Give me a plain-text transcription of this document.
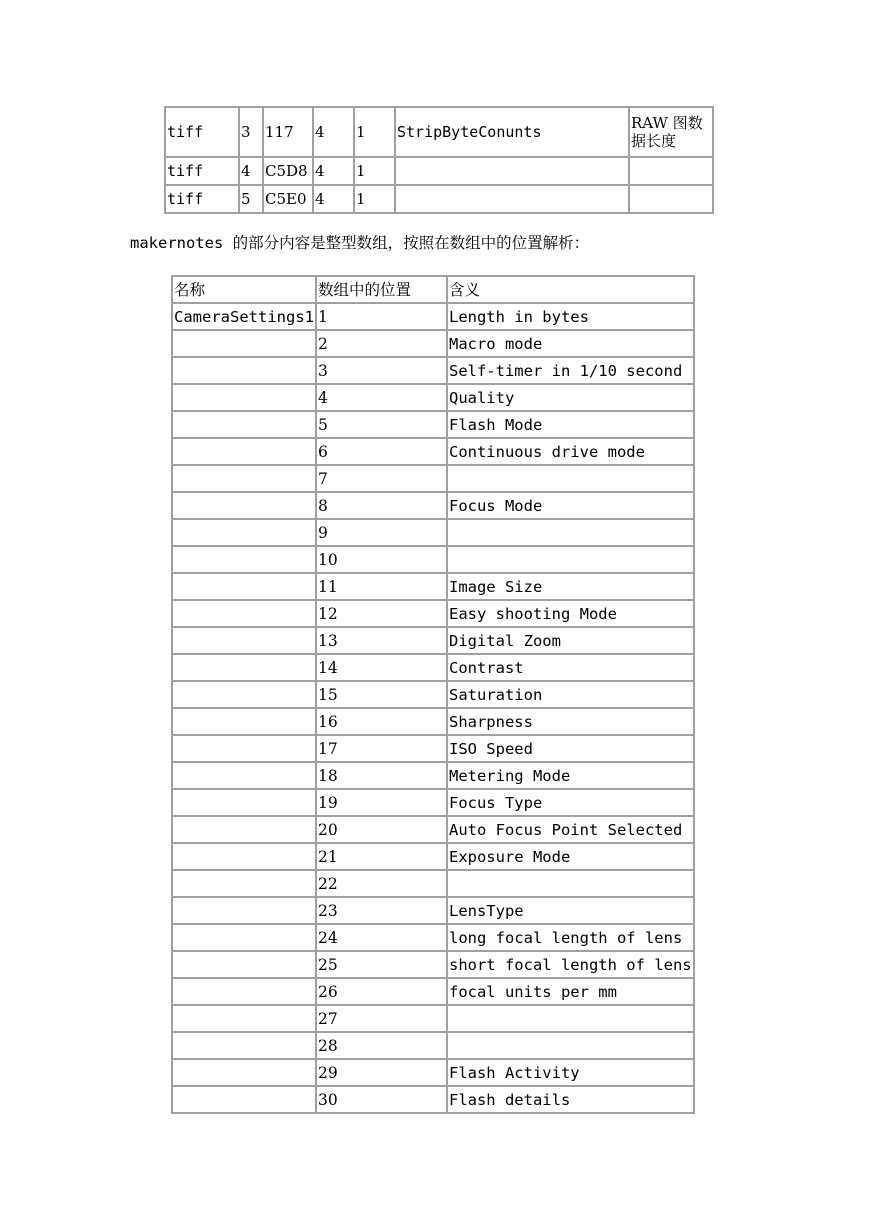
tiff	3	117	4	1	StripByteConunts	RAW 图数据长度
tiff	4	C5D8	4	1		
tiff	5	C5E0	4	1		
makernotes 的部分内容是整型数组，按照在数组中的位置解析：
名称	数组中的位置	含义
CameraSettings1	1	Length in bytes
	2	Macro mode
	3	Self-timer in 1/10 second
	4	Quality
	5	Flash Mode
	6	Continuous drive mode
	7	
	8	Focus Mode
	9	
	10	
	11	Image Size
	12	Easy shooting Mode
	13	Digital Zoom
	14	Contrast
	15	Saturation
	16	Sharpness
	17	ISO Speed
	18	Metering Mode
	19	Focus Type
	20	Auto Focus Point Selected
	21	Exposure Mode
	22	
	23	LensType
	24	long focal length of lens
	25	short focal length of lens
	26	focal units per mm
	27	
	28	
	29	Flash Activity
	30	Flash details
